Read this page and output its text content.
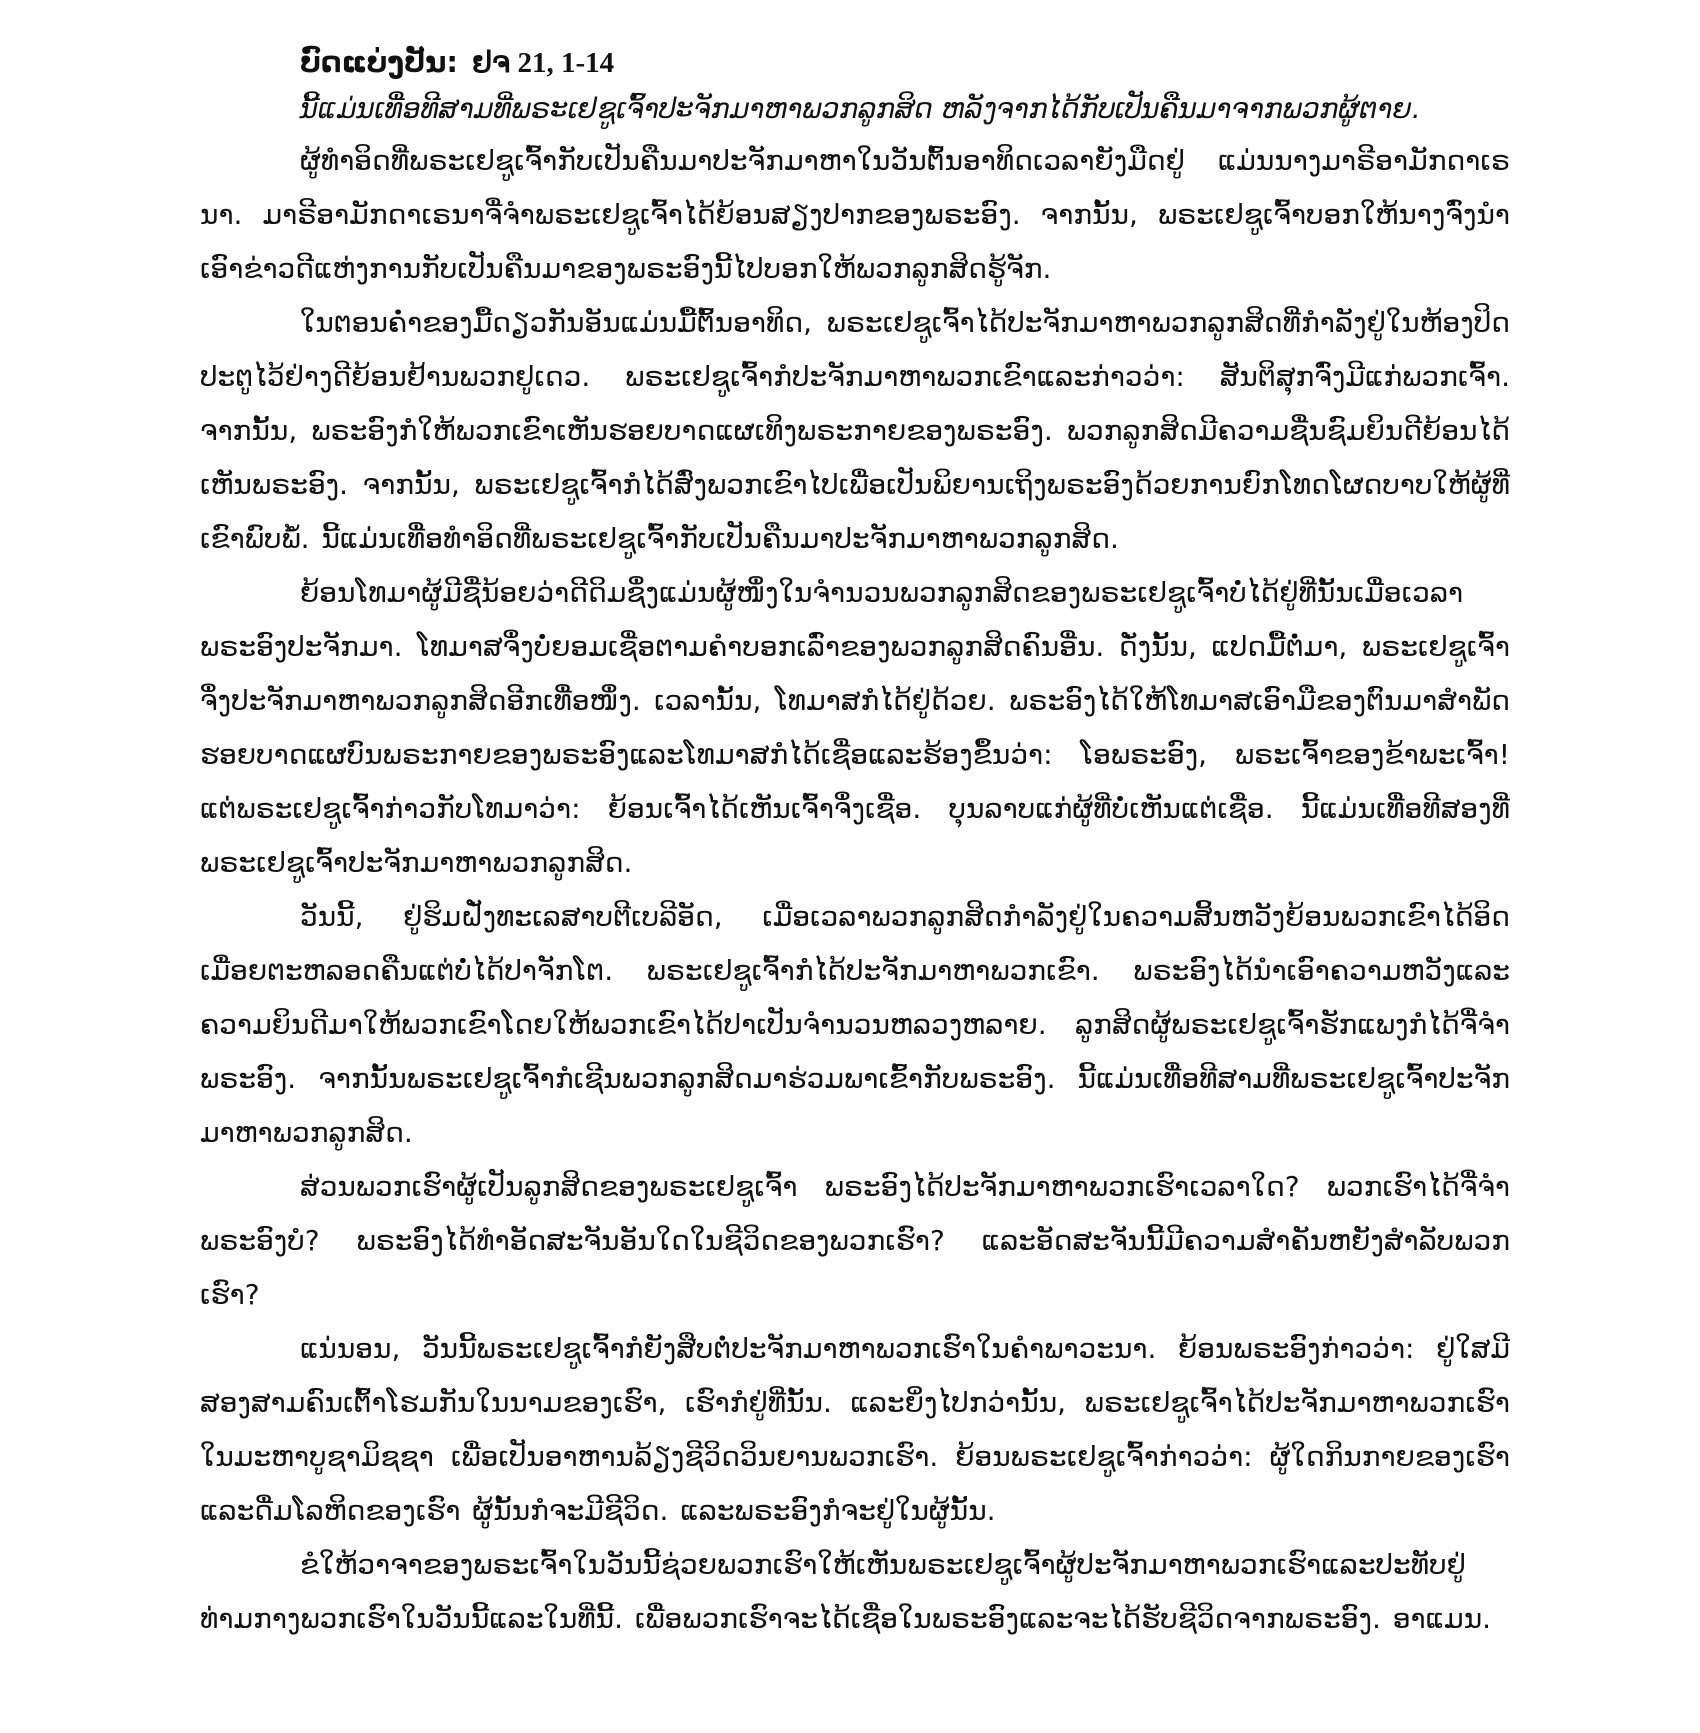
ບົດແບ່ງປັນ: ຢຈ 21, 1-14
ນີ້ແມ່ນເທື່ອທີສາມທີ່ພຣະເຢຊູເຈົ້າປະຈັກມາຫາພວກລູກສິດ ຫລັງຈາກໄດ້ກັບເປັນຄືນມາຈາກພວກຜູ້ຕາຍ.

ຜູ້ທຳອິດທີ່ພຣະເຢຊູເຈົ້າກັບເປັນຄືນມາປະຈັກມາຫາໃນວັນຕົ້ນອາທິດເວລາຍັງມືດຢູ່ ແມ່ນນາງມາຣີອາມັກດາເຣນາ. ມາຣີອາມັກດາເຣນາຈື່ຈຳພຣະເຢຊູເຈົ້າໄດ້ຍ້ອນສຽງປາກຂອງພຣະອົງ. ຈາກນັ້ນ, ພຣະເຢຊູເຈົ້າບອກໃຫ້ນາງຈົ່ງນຳເອົາຂ່າວດີແຫ່ງການກັບເປັນຄືນມາຂອງພຣະອົງນີ້ໄປບອກໃຫ້ພວກລູກສິດຮູ້ຈັກ.

ໃນຕອນຄ່ຳຂອງມື້ດຽວກັນອັນແມ່ນມື້ຕົ້ນອາທິດ, ພຣະເຢຊູເຈົ້າໄດ້ປະຈັກມາຫາພວກລູກສິດທີ່ກຳລັງຢູ່ໃນຫ້ອງປິດປະຕູໄວ້ຢ່າງດີຍ້ອນຢ້ານພວກຢູເດວ. ພຣະເຢຊູເຈົ້າກໍປະຈັກມາຫາພວກເຂົາແລະກ່າວວ່າ: ສັນຕິສຸກຈົ່ງມີແກ່ພວກເຈົ້າ. ຈາກນັ້ນ, ພຣະອົງກໍໃຫ້ພວກເຂົາເຫັນຮອຍບາດແຜເທິງພຣະກາຍຂອງພຣະອົງ. ພວກລູກສິດມີຄວາມຊື່ນຊົມຍິນດີຍ້ອນໄດ້ເຫັນພຣະອົງ. ຈາກນັ້ນ, ພຣະເຢຊູເຈົ້າກໍໄດ້ສົ່ງພວກເຂົາໄປເພື່ອເປັນພິຍານເຖິງພຣະອົງດ້ວຍການຍົກໂທດໂຜດບາບໃຫ້ຜູ້ທີ່ເຂົາພົບພໍ້. ນີ້ແມ່ນເທື່ອທຳອິດທີ່ພຣະເຢຊູເຈົ້າກັບເປັນຄືນມາປະຈັກມາຫາພວກລູກສິດ.

ຍ້ອນໂທມາຜູ້ມີຊື່ນ້ອຍວ່າດີດິມຊຶ່ງແມ່ນຜູ້ໜຶ່ງໃນຈຳນວນພວກລູກສິດຂອງພຣະເຢຊູເຈົ້າບໍ່ໄດ້ຢູ່ທີ່ນັ້ນເມື່ອເວລາພຣະອົງປະຈັກມາ. ໂທມາສຈຶ່ງບໍ່ຍອມເຊື່ອຕາມຄຳບອກເລົ່າຂອງພວກລູກສິດຄົນອື່ນ. ດັ່ງນັ້ນ, ແປດມື້ຕໍ່ມາ, ພຣະເຢຊູເຈົ້າຈຶ່ງປະຈັກມາຫາພວກລູກສິດອີກເທື່ອໜຶ່ງ. ເວລານັ້ນ, ໂທມາສກໍໄດ້ຢູ່ດ້ວຍ. ພຣະອົງໄດ້ໃຫ້ໂທມາສເອົາມືຂອງຕົນມາສຳພັດຮອຍບາດແຜບົນພຣະກາຍຂອງພຣະອົງແລະໂທມາສກໍໄດ້ເຊື່ອແລະຮ້ອງຂຶ້ນວ່າ: ໂອພຣະອົງ, ພຣະເຈົ້າຂອງຂ້າພະເຈົ້າ! ແຕ່ພຣະເຢຊູເຈົ້າກ່າວກັບໂທມາວ່າ: ຍ້ອນເຈົ້າໄດ້ເຫັນເຈົ້າຈຶ່ງເຊື່ອ. ບຸນລາບແກ່ຜູ້ທີ່ບໍ່ເຫັນແຕ່ເຊື່ອ. ນີ້ແມ່ນເທື່ອທີສອງທີ່ພຣະເຢຊູເຈົ້າປະຈັກມາຫາພວກລູກສິດ.

ວັນນີ້, ຢູ່ຮິມຝັ່ງທະເລສາບຕີເບລີອັດ, ເມື່ອເວລາພວກລູກສິດກຳລັງຢູ່ໃນຄວາມສິ້ນຫວັງຍ້ອນພວກເຂົາໄດ້ອິດເມື່ອຍຕະຫລອດຄືນແຕ່ບໍ່ໄດ້ປາຈັກໂຕ. ພຣະເຢຊູເຈົ້າກໍໄດ້ປະຈັກມາຫາພວກເຂົາ. ພຣະອົງໄດ້ນຳເອົາຄວາມຫວັງແລະຄວາມຍິນດີມາໃຫ້ພວກເຂົາໂດຍໃຫ້ພວກເຂົາໄດ້ປາເປັນຈຳນວນຫລວງຫລາຍ. ລູກສິດຜູ້ພຣະເຢຊູເຈົ້າຮັກແພງກໍໄດ້ຈື່ຈຳພຣະອົງ. ຈາກນັ້ນພຣະເຢຊູເຈົ້າກໍເຊີນພວກລູກສິດມາຮ່ວມພາເຂົ້າກັບພຣະອົງ. ນີ້ແມ່ນເທື່ອທີສາມທີ່ພຣະເຢຊູເຈົ້າປະຈັກມາຫາພວກລູກສິດ.

ສ່ວນພວກເຮົາຜູ້ເປັນລູກສິດຂອງພຣະເຢຊູເຈົ້າ ພຣະອົງໄດ້ປະຈັກມາຫາພວກເຮົາເວລາໃດ? ພວກເຮົາໄດ້ຈື່ຈຳພຣະອົງບໍ? ພຣະອົງໄດ້ທຳອັດສະຈັນອັນໃດໃນຊີວິດຂອງພວກເຮົາ? ແລະອັດສະຈັນນີ້ມີຄວາມສຳຄັນຫຍັງສຳລັບພວກເຮົາ?

ແນ່ນອນ, ວັນນີ້ພຣະເຢຊູເຈົ້າກໍຍັງສືບຕໍ່ປະຈັກມາຫາພວກເຮົາໃນຄຳພາວະນາ. ຍ້ອນພຣະອົງກ່າວວ່າ: ຢູ່ໃສມີສອງສາມຄົນເຕົ້າໂຮມກັນໃນນາມຂອງເຮົາ, ເຮົາກໍຢູ່ທີ່ນັ້ນ. ແລະຍິ່ງໄປກວ່ານັ້ນ, ພຣະເຢຊູເຈົ້າໄດ້ປະຈັກມາຫາພວກເຮົາໃນມະຫາບູຊາມິຊຊາ ເພື່ອເປັນອາຫານລ້ຽງຊີວິດວິນຍານພວກເຮົາ. ຍ້ອນພຣະເຢຊູເຈົ້າກ່າວວ່າ: ຜູ້ໃດກິນກາຍຂອງເຮົາແລະດື່ມໂລຫິດຂອງເຮົາ ຜູ້ນັ້ນກໍຈະມີຊີວິດ. ແລະພຣະອົງກໍຈະຢູ່ໃນຜູ້ນັ້ນ.

ຂໍໃຫ້ວາຈາຂອງພຣະເຈົ້າໃນວັນນີ້ຊ່ວຍພວກເຮົາໃຫ້ເຫັນພຣະເຢຊູເຈົ້າຜູ້ປະຈັກມາຫາພວກເຮົາແລະປະທັບຢູ່ທ່າມກາງພວກເຮົາໃນວັນນີ້ແລະໃນທີ່ນີ້. ເພື່ອພວກເຮົາຈະໄດ້ເຊື່ອໃນພຣະອົງແລະຈະໄດ້ຮັບຊີວິດຈາກພຣະອົງ. ອາແມນ.
